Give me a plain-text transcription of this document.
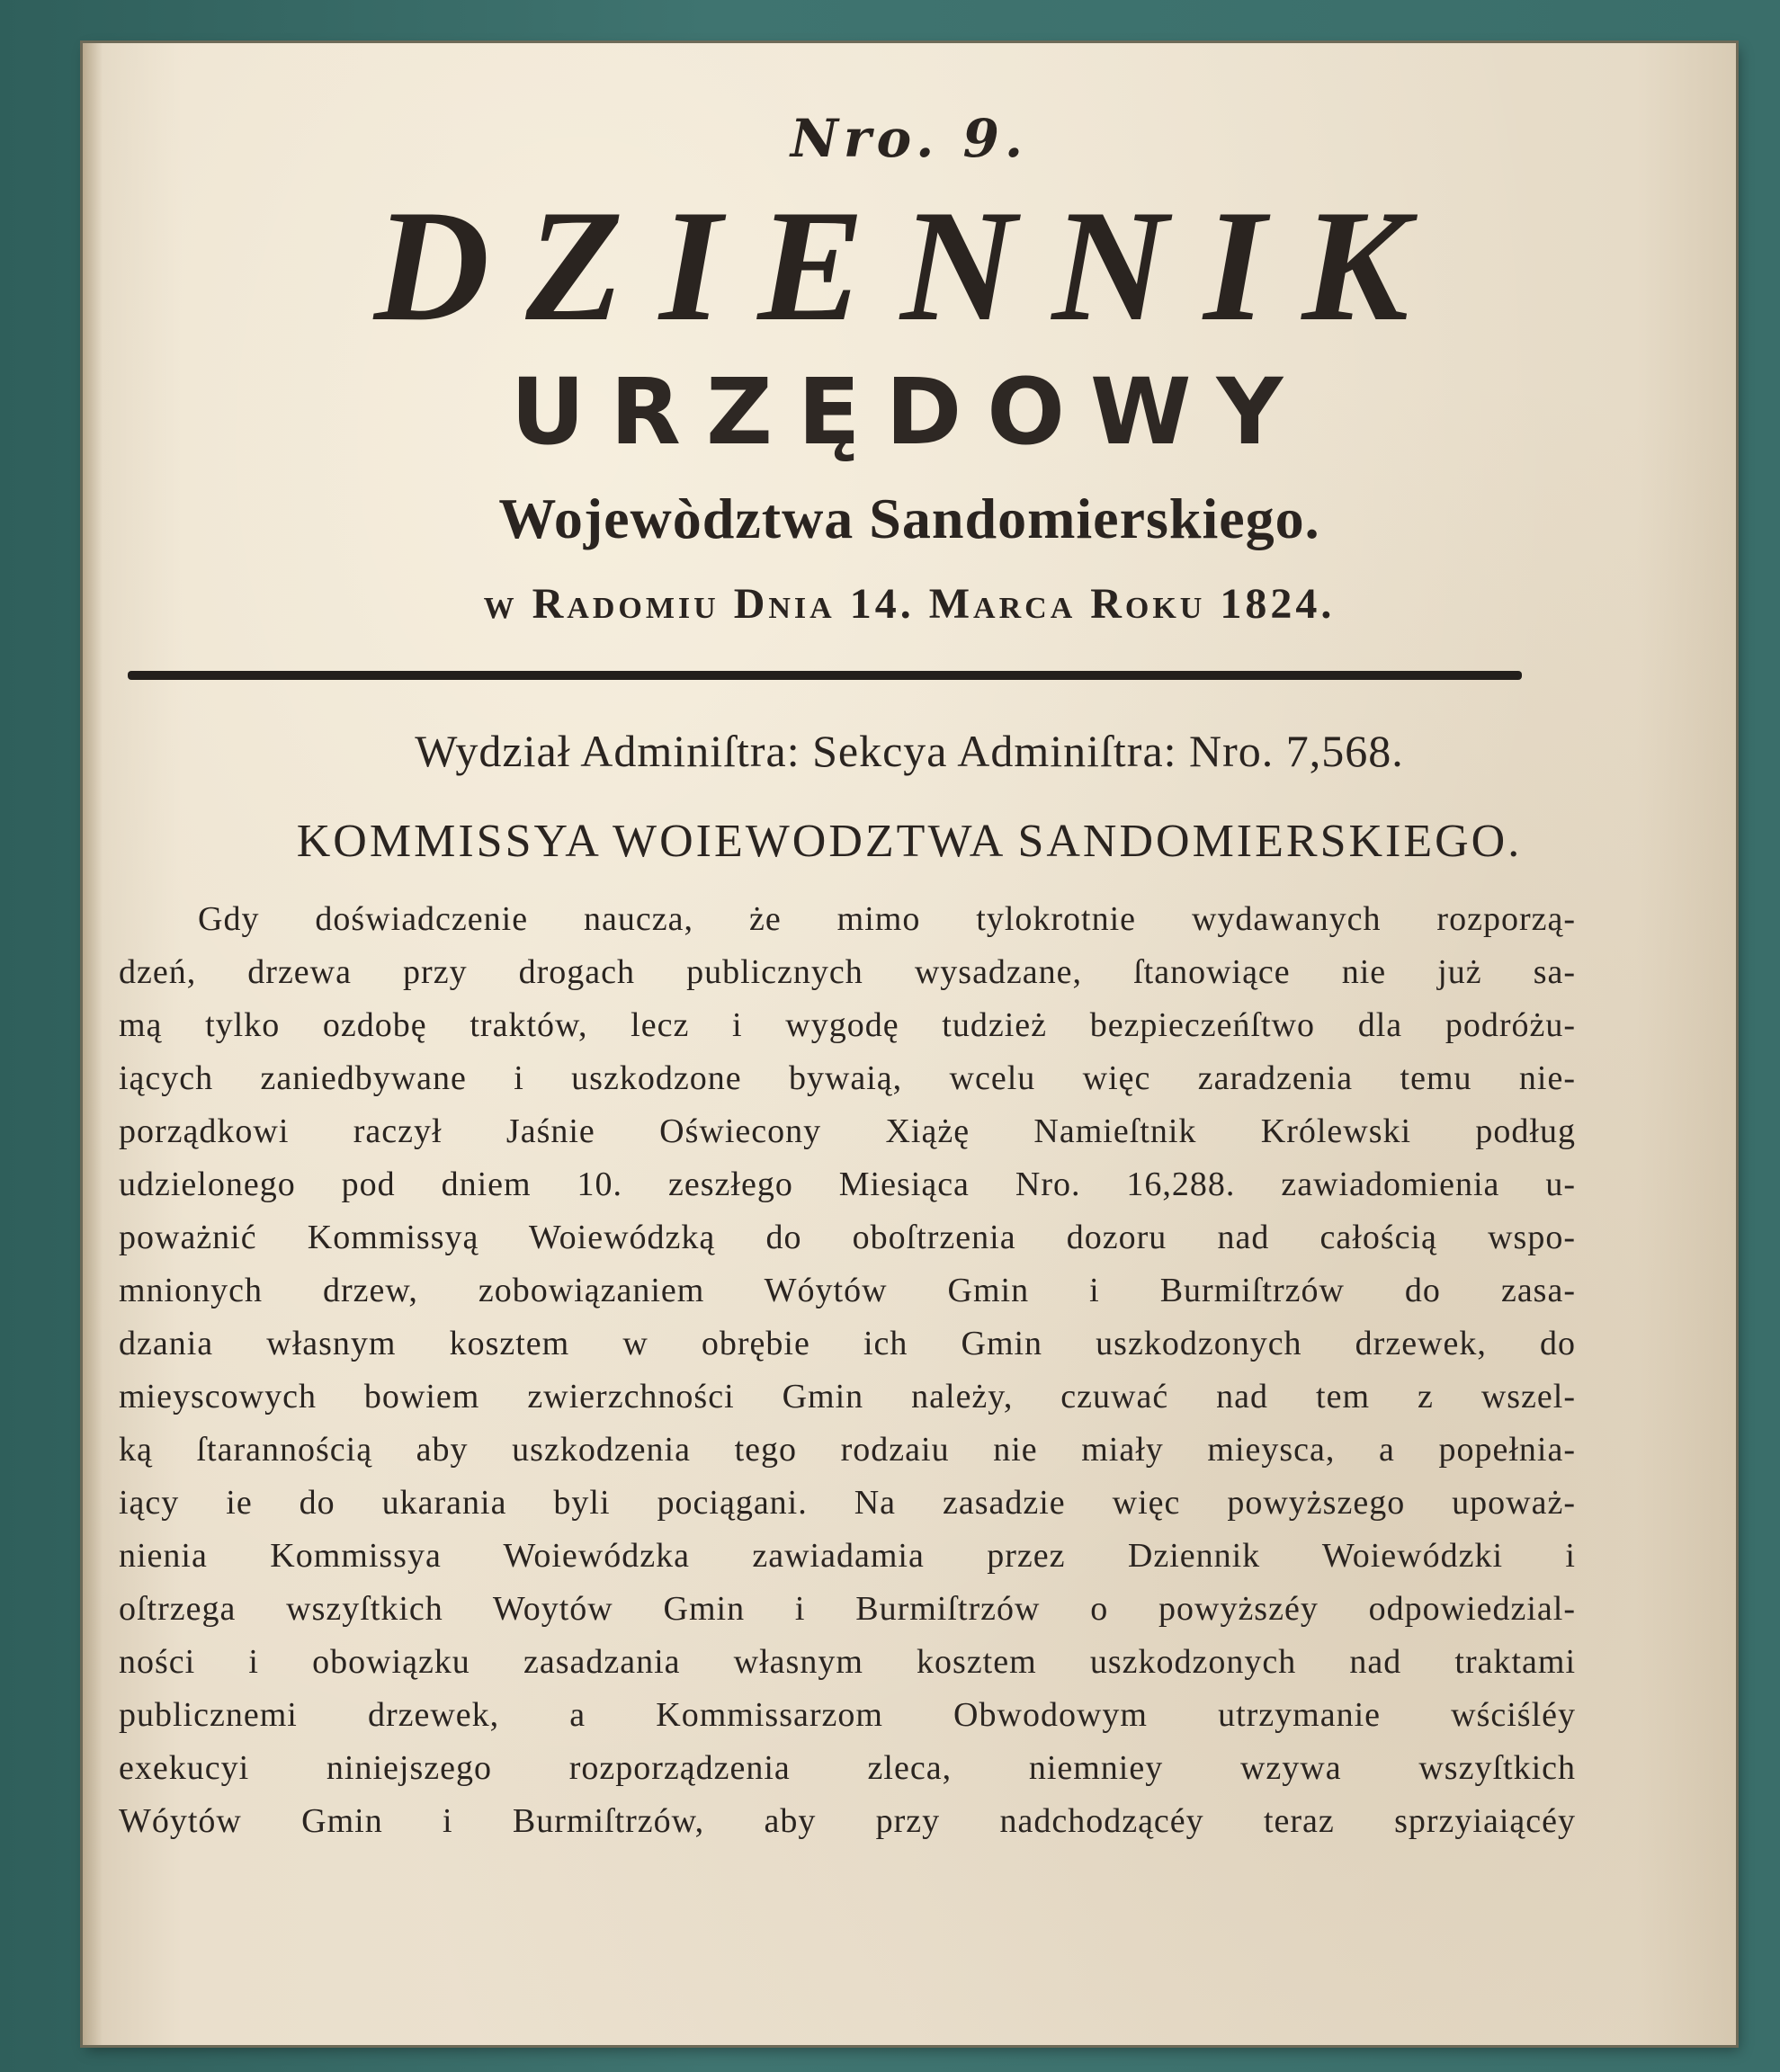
Nro. 9.
DZIENNIK
URZĘDOWY
Wojewòdztwa Sandomierskiego.
w Radomiu Dnia 14. Marca Roku 1824.
Wydział Adminiſtra: Sekcya Adminiſtra: Nro. 7,568.
KOMMISSYA WOIEWODZTWA SANDOMIERSKIEGO.
Gdy doświadczenie naucza, że mimo tylokrotnie wydawanych rozporzą-
dzeń, drzewa przy drogach publicznych wysadzane, ſtanowiące nie już sa-
mą tylko ozdobę traktów, lecz i wygodę tudzież bezpieczeńſtwo dla podróżu-
iących zaniedbywane i uszkodzone bywaią, wcelu więc zaradzenia temu nie-
porządkowi raczył Jaśnie Oświecony Xiążę Namieſtnik Królewski podług
udzielonego pod dniem 10. zeszłego Miesiąca Nro. 16,288. zawiadomienia u-
poważnić Kommissyą Woiewódzką do oboſtrzenia dozoru nad całością wspo-
mnionych drzew, zobowiązaniem Wóytów Gmin i Burmiſtrzów do zasa-
dzania własnym kosztem w obrębie ich Gmin uszkodzonych drzewek, do
mieyscowych bowiem zwierzchności Gmin należy, czuwać nad tem z wszel-
ką ſtarannością aby uszkodzenia tego rodzaiu nie miały mieysca, a popełnia-
iący ie do ukarania byli pociągani. Na zasadzie więc powyższego upoważ-
nienia Kommissya Woiewódzka zawiadamia przez Dziennik Woiewódzki i
oſtrzega wszyſtkich Woytów Gmin i Burmiſtrzów o powyższéy odpowiedzial-
ności i obowiązku zasadzania własnym kosztem uszkodzonych nad traktami
publicznemi drzewek, a Kommissarzom Obwodowym utrzymanie wściśléy
exekucyi niniejszego rozporządzenia zleca, niemniey wzywa wszyſtkich
Wóytów Gmin i Burmiſtrzów, aby przy nadchodzącéy teraz sprzyiaiącéy
